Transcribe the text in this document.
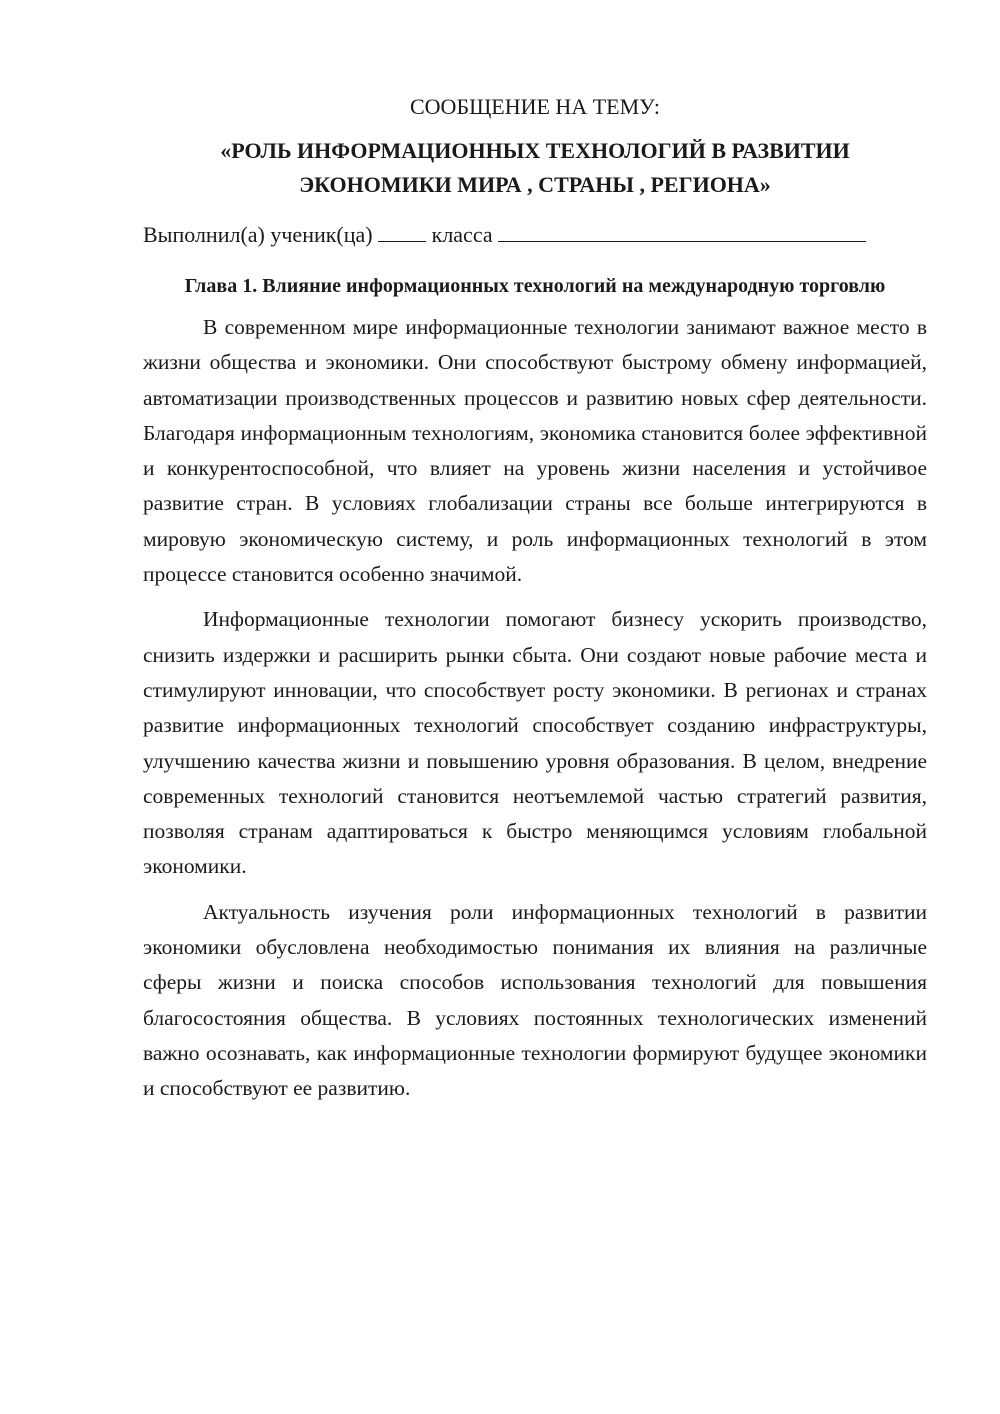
СООБЩЕНИЕ НА ТЕМУ:

«РОЛЬ ИНФОРМАЦИОННЫХ ТЕХНОЛОГИЙ В РАЗВИТИИ ЭКОНОМИКИ МИРА , СТРАНЫ , РЕГИОНА»

Выполнил(а) ученик(ца)	класса

Глава 1. Влияние информационных технологий на международную торговлю

В современном мире информационные технологии занимают важное место в жизни общества и экономики. Они способствуют быстрому обмену информацией, автоматизации производственных процессов и развитию новых сфер деятельности. Благодаря информационным технологиям, экономика становится более эффективной и конкурентоспособной, что влияет на уровень жизни населения и устойчивое развитие стран. В условиях глобализации страны все больше интегрируются в мировую экономическую систему, и роль информационных технологий в этом процессе становится особенно значимой.

Информационные технологии помогают бизнесу ускорить производство, снизить издержки и расширить рынки сбыта. Они создают новые рабочие места и стимулируют инновации, что способствует росту экономики. В регионах и странах развитие информационных технологий способствует созданию инфраструктуры, улучшению качества жизни и повышению уровня образования. В целом, внедрение современных технологий становится неотъемлемой частью стратегий развития, позволяя странам адаптироваться к быстро меняющимся условиям глобальной экономики.

Актуальность изучения роли информационных технологий в развитии экономики обусловлена необходимостью понимания их влияния на различные сферы жизни и поиска способов использования технологий для повышения благосостояния общества. В условиях постоянных технологических изменений важно осознавать, как информационные технологии формируют будущее экономики и способствуют ее развитию.
